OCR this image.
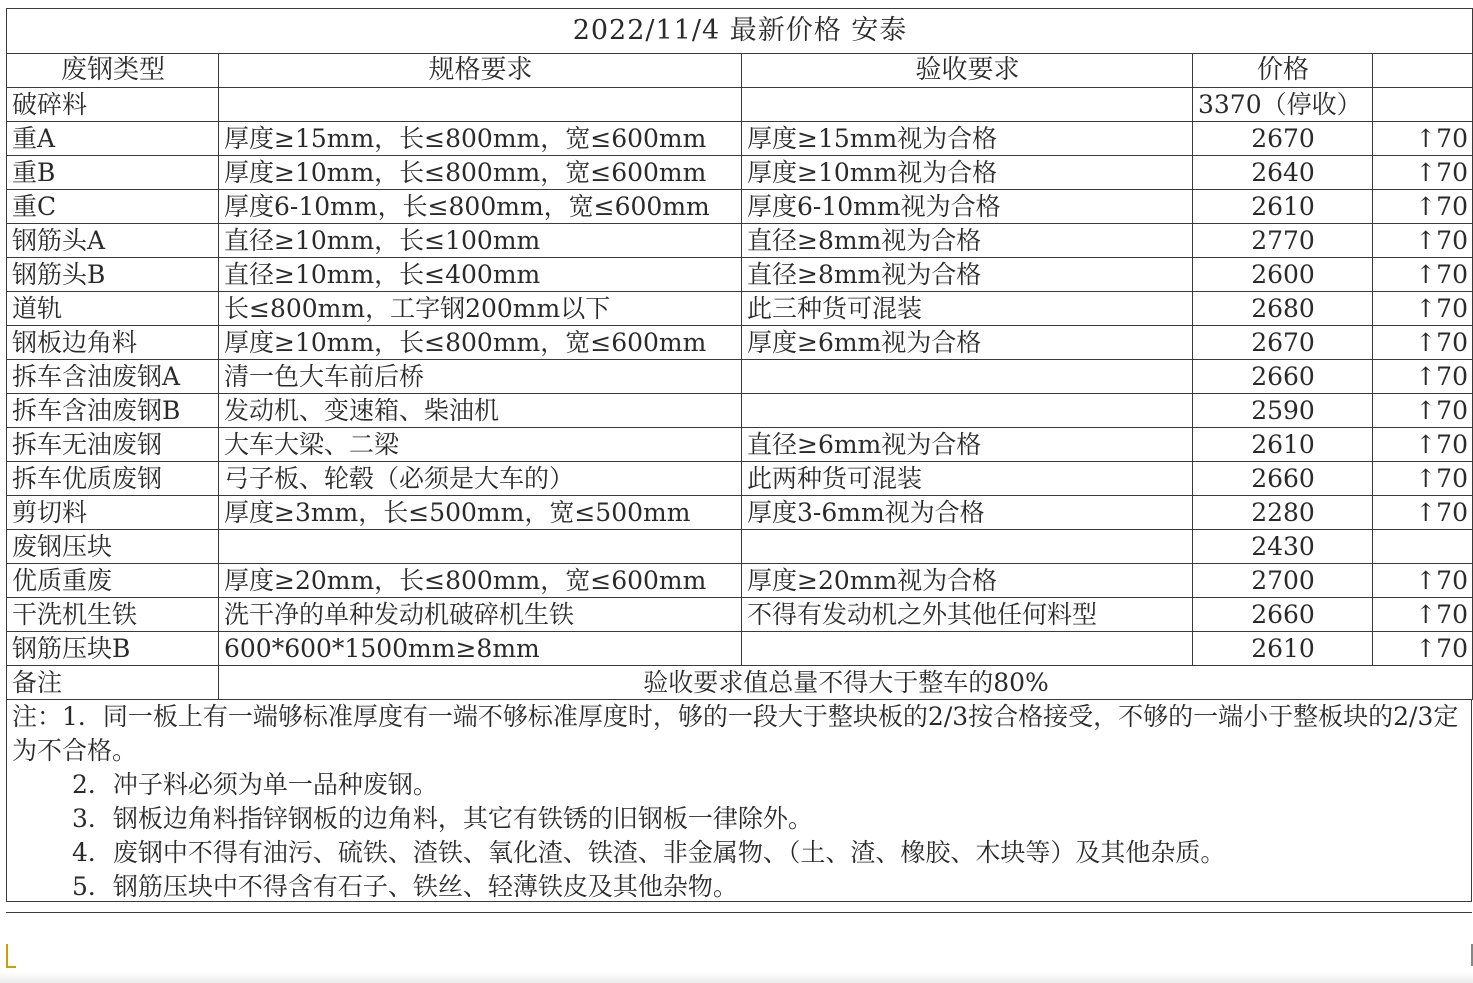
2022/11/4 最新价格 安泰				
废钢类型	规格要求	验收要求	价格	
破碎料			3370（停收）	
重A	厚度≥15mm，长≤800mm，宽≤600mm	厚度≥15mm视为合格	2670	↑70
重B	厚度≥10mm，长≤800mm，宽≤600mm	厚度≥10mm视为合格	2640	↑70
重C	厚度6-10mm，长≤800mm，宽≤600mm	厚度6-10mm视为合格	2610	↑70
钢筋头A	直径≥10mm，长≤100mm	直径≥8mm视为合格	2770	↑70
钢筋头B	直径≥10mm，长≤400mm	直径≥8mm视为合格	2600	↑70
道轨	长≤800mm，工字钢200mm以下	此三种货可混装	2680	↑70
钢板边角料	厚度≥10mm，长≤800mm，宽≤600mm	厚度≥6mm视为合格	2670	↑70
拆车含油废钢A	清一色大车前后桥		2660	↑70
拆车含油废钢B	发动机、变速箱、柴油机		2590	↑70
拆车无油废钢	大车大梁、二梁	直径≥6mm视为合格	2610	↑70
拆车优质废钢	弓子板、轮毂（必须是大车的）	此两种货可混装	2660	↑70
剪切料	厚度≥3mm，长≤500mm，宽≤500mm	厚度3-6mm视为合格	2280	↑70
废钢压块			2430	
优质重废	厚度≥20mm，长≤800mm，宽≤600mm	厚度≥20mm视为合格	2700	↑70
干洗机生铁	洗干净的单种发动机破碎机生铁	不得有发动机之外其他任何料型	2660	↑70
钢筋压块B	600*600*1500mm≥8mm		2610	↑70
备注	验收要求值总量不得大于整车的80%			
注：1．同一板上有一端够标准厚度有一端不够标准厚度时，够的一段大于整块板的2/3按合格接受，不够的一端小于整板块的2/3定为不合格。
2．冲子料必须为单一品种废钢。
3．钢板边角料指锌钢板的边角料，其它有铁锈的旧钢板一律除外。
4．废钢中不得有油污、硫铁、渣铁、氧化渣、铁渣、非金属物、（土、渣、橡胶、木块等）及其他杂质。
5．钢筋压块中不得含有石子、铁丝、轻薄铁皮及其他杂物。
